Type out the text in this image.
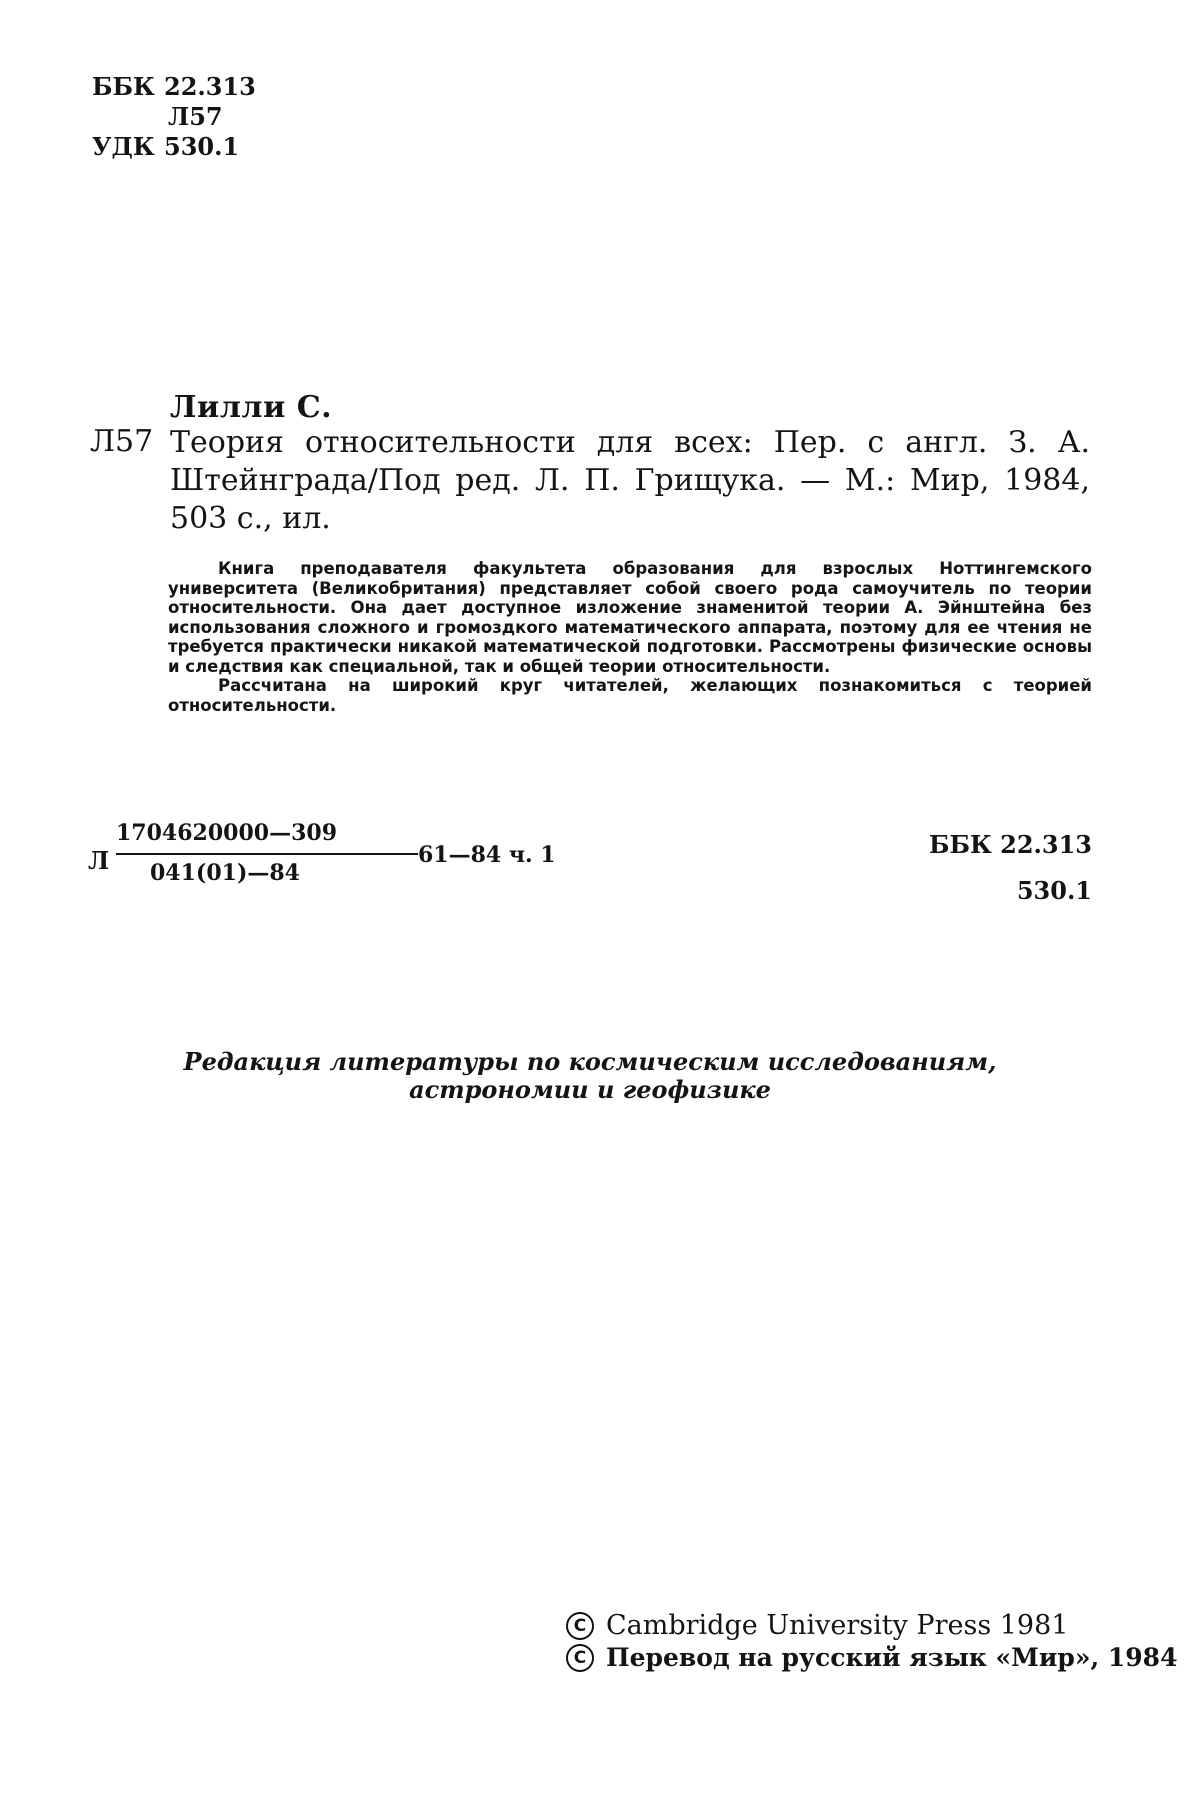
ББК 22.313
Л57
УДК 530.1
Лилли С.
Л57 Теория относительности для всех: Пер. с англ. З. А. Штейнграда/Под ред. Л. П. Грищука. — М.: Мир, 1984, 503 с., ил.

Книга преподавателя факультета образования для взрослых Ноттингемского университета (Великобритания) представляет собой своего рода самоучитель по теории относительности. Она дает доступное изложение знаменитой теории А. Эйнштейна без использования сложного и громоздкого математического аппарата, поэтому для ее чтения не требуется практически никакой математической подготовки. Рассмотрены физические основы и следствия как специальной, так и общей теории относительности.

Рассчитана на широкий круг читателей, желающих познакомиться с теорией относительности.

Л
1704620000—309
041(01)—84
61—84 ч. 1	ББК 22.313
530.1
Редакция литературы по космическим исследованиям,
астрономии и геофизике
C Cambridge University Press 1981
C Перевод на русский язык «Мир», 1984
